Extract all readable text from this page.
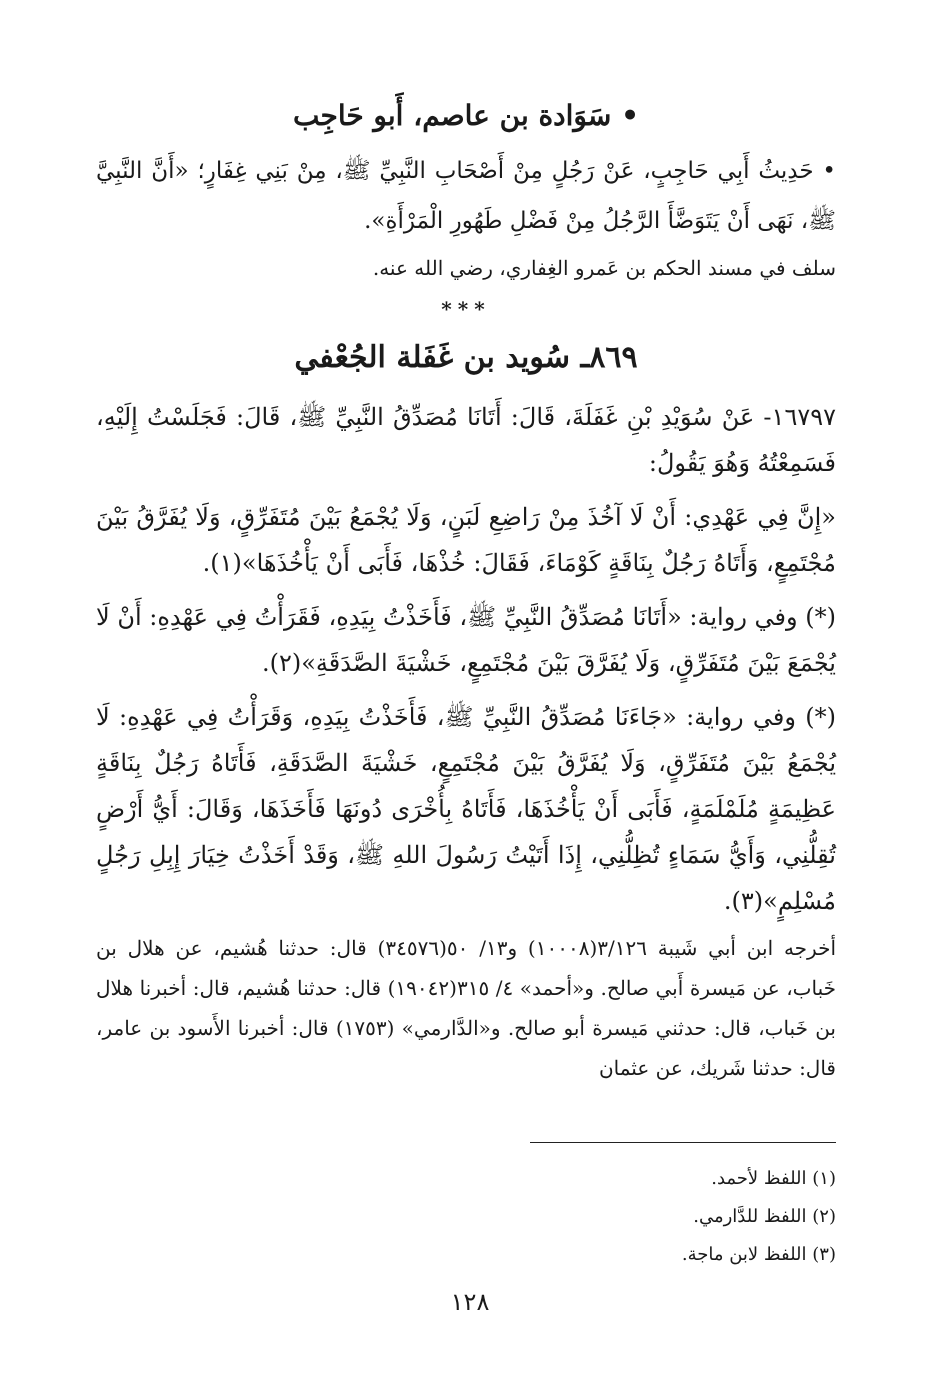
• سَوَادة بن عاصم، أَبو حَاجِب
• حَدِيثُ أَبِي حَاجِبٍ، عَنْ رَجُلٍ مِنْ أَصْحَابِ النَّبِيِّ ﷺ، مِنْ بَنِي غِفَارٍ؛ «أَنَّ النَّبِيَّ ﷺ، نَهَى أَنْ يَتَوَضَّأَ الرَّجُلُ مِنْ فَضْلِ طَهُورِ الْمَرْأَةِ».
سلف في مسند الحكم بن عَمرو الغِفاري، رضي الله عنه.
***
٨٦٩ـ سُويد بن غَفَلة الجُعْفي
١٦٧٩٧- عَنْ سُوَيْدِ بْنِ غَفَلَةَ، قَالَ: أَتَانَا مُصَدِّقُ النَّبِيِّ ﷺ، قَالَ: فَجَلَسْتُ إِلَيْهِ، فَسَمِعْتُهُ وَهُوَ يَقُولُ:
«إِنَّ فِي عَهْدِي: أَنْ لَا آخُذَ مِنْ رَاضِعِ لَبَنٍ، وَلَا يُجْمَعُ بَيْنَ مُتَفَرِّقٍ، وَلَا يُفَرَّقُ بَيْنَ مُجْتَمِعٍ، وَأَتَاهُ رَجُلٌ بِنَاقَةٍ كَوْمَاءَ، فَقَالَ: خُذْهَا، فَأَبَى أَنْ يَأْخُذَهَا»(١).
(*) وفي رواية: «أَتَانَا مُصَدِّقُ النَّبِيِّ ﷺ، فَأَخَذْتُ بِيَدِهِ، فَقَرَأْتُ فِي عَهْدِهِ: أَنْ لَا يُجْمَعَ بَيْنَ مُتَفَرِّقٍ، وَلَا يُفَرَّقَ بَيْنَ مُجْتَمِعٍ، خَشْيَةَ الصَّدَقَةِ»(٢).
(*) وفي رواية: «جَاءَنَا مُصَدِّقُ النَّبِيِّ ﷺ، فَأَخَذْتُ بِيَدِهِ، وَقَرَأْتُ فِي عَهْدِهِ: لَا يُجْمَعُ بَيْنَ مُتَفَرِّقٍ، وَلَا يُفَرَّقُ بَيْنَ مُجْتَمِعٍ، خَشْيَةَ الصَّدَقَةِ، فَأَتَاهُ رَجُلٌ بِنَاقَةٍ عَظِيمَةٍ مُلَمْلَمَةٍ، فَأَبَى أَنْ يَأْخُذَهَا، فَأَتَاهُ بِأُخْرَى دُونَهَا فَأَخَذَهَا، وَقَالَ: أَيُّ أَرْضٍ تُقِلُّنِي، وَأَيُّ سَمَاءٍ تُظِلُّنِي، إِذَا أَتَيْتُ رَسُولَ اللهِ ﷺ، وَقَدْ أَخَذْتُ خِيَارَ إِبِلِ رَجُلٍ مُسْلِمٍ»(٣).
أخرجه ابن أبي شَيبة ٣/١٢٦(١٠٠٠٨) و١٣/ ٥٠(٣٤٥٧٦) قال: حدثنا هُشيم، عن هلال بن خَباب، عن مَيسرة أَبي صالح. و«أحمد» ٤/ ٣١٥(١٩٠٤٢) قال: حدثنا هُشيم، قال: أخبرنا هلال بن خَباب، قال: حدثني مَيسرة أبو صالح. و«الدَّارمي» (١٧٥٣) قال: أخبرنا الأَسود بن عامر، قال: حدثنا شَريك، عن عثمان
(١) اللفظ لأحمد.
(٢) اللفظ للدَّارمي.
(٣) اللفظ لابن ماجة.
١٢٨
